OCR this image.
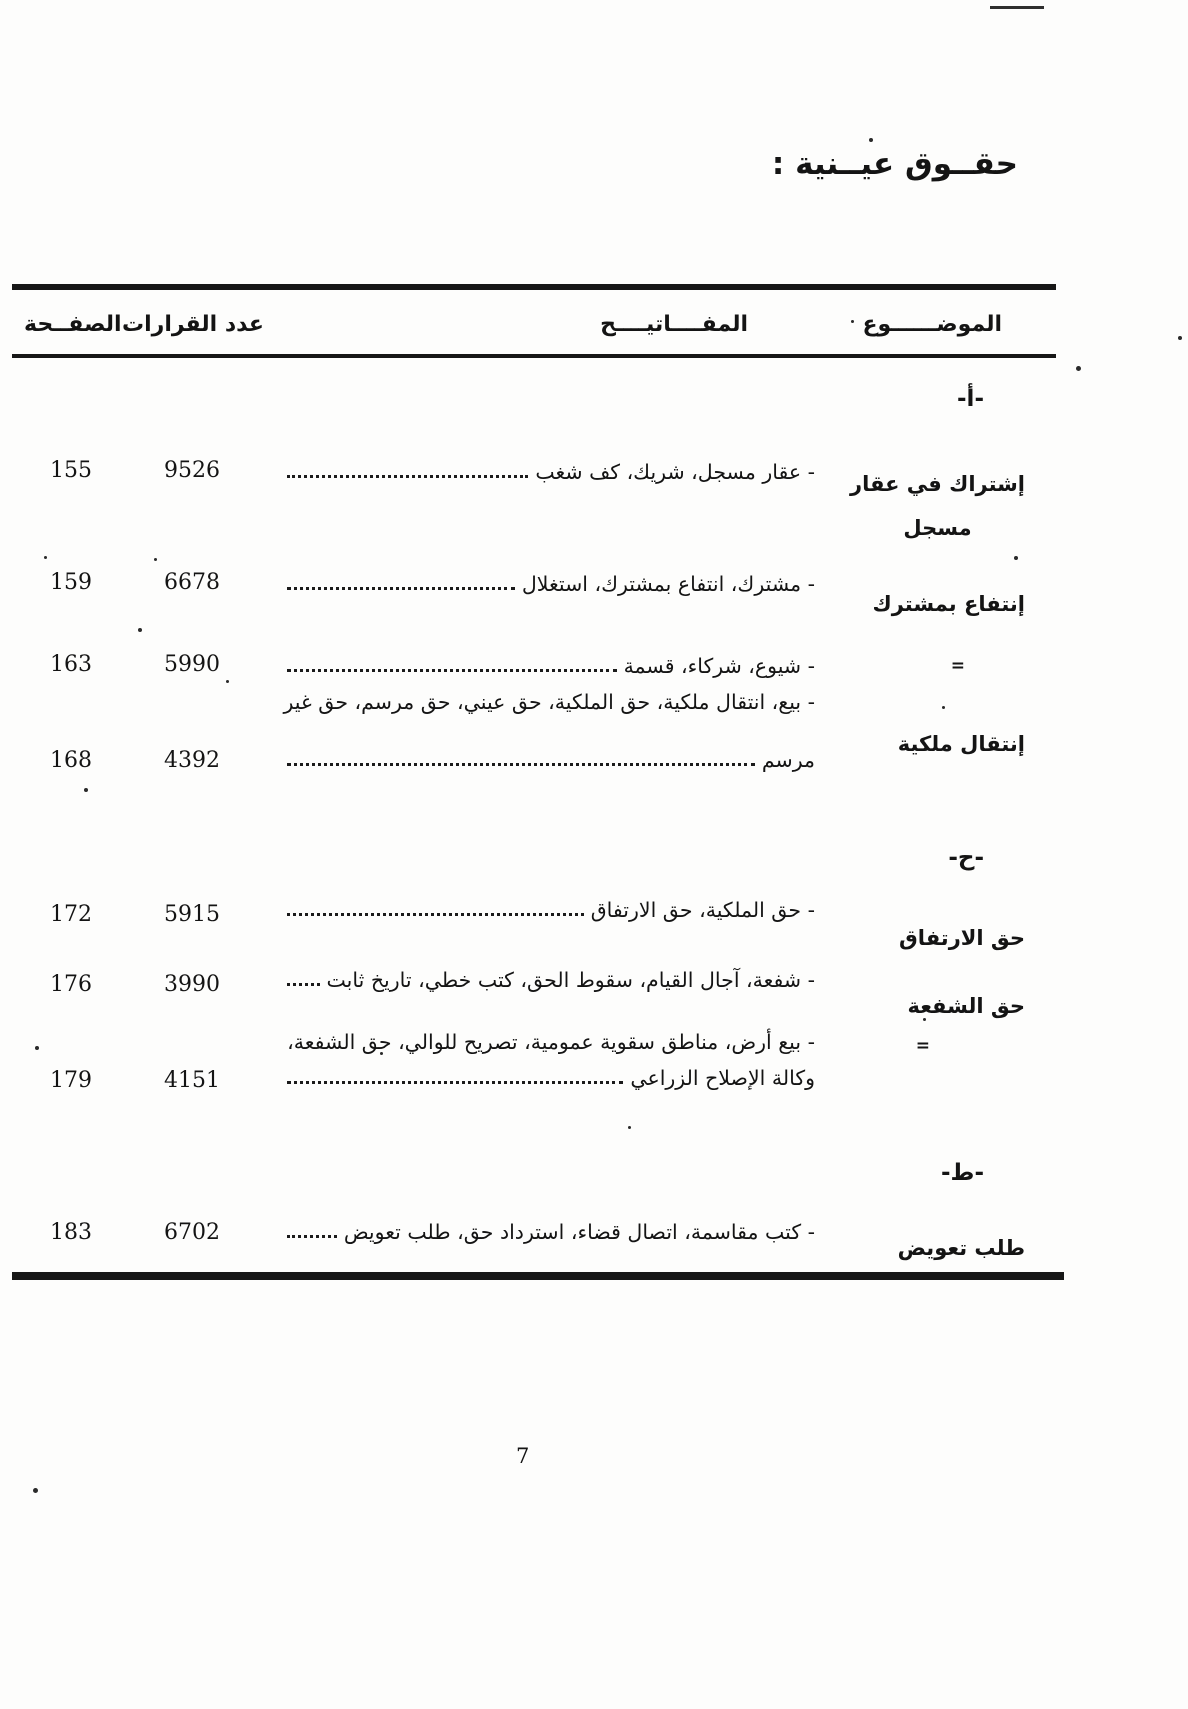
حقــوق عيــنية :
الموضــــــوع
المفــــاتيــــح
عدد القرارات
الصفــحة
-أ-
إشتراك في عقار
مسجل
- عقار مسجل، شريك، كف شغب
9526
155
إنتفاع بمشترك
- مشترك، انتفاع بمشترك، استغلال
6678
159
=
- شيوع، شركاء، قسمة
5990
163
إنتقال ملكية
- بيع، انتقال ملكية، حق الملكية، حق عيني، حق مرسم، حق غير
مرسم
4392
168
-ح-
حق الارتفاق
- حق الملكية، حق الارتفاق
5915
172
حق الشفعة
- شفعة، آجال القيام، سقوط الحق، كتب خطي، تاريخ ثابت
3990
176
=
- بيع أرض، مناطق سقوية عمومية، تصريح للوالي، حق الشفعة،
وكالة الإصلاح الزراعي
4151
179
-ط-
طلب تعويض
- كتب مقاسمة، اتصال قضاء، استرداد حق، طلب تعويض
6702
183
7
